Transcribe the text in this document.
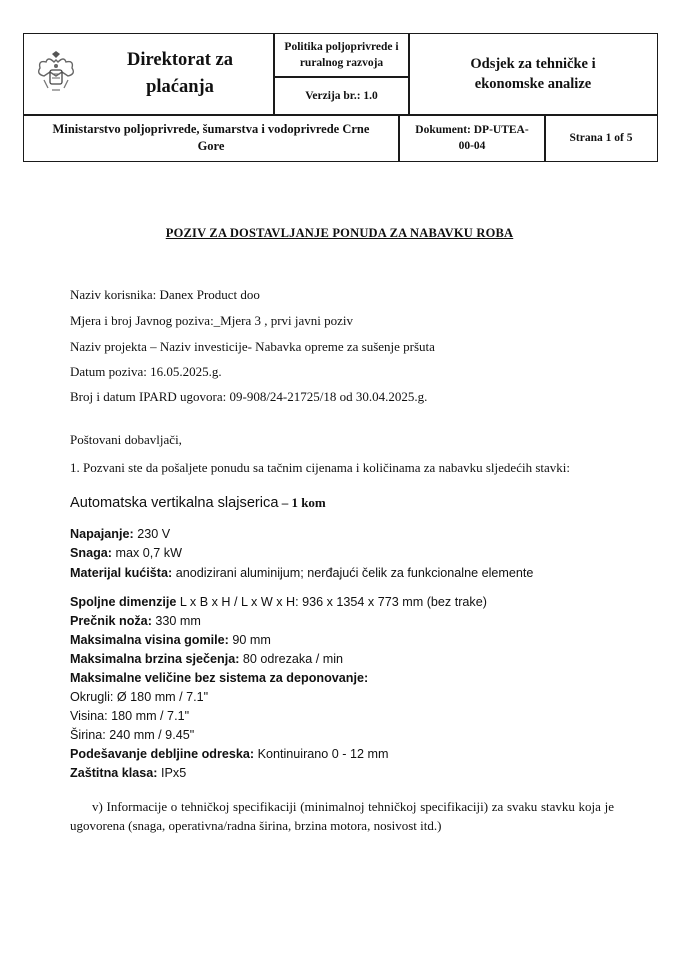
Direktorat za
plaćanja
Politika poljoprivrede i
ruralnog razvoja
Verzija br.: 1.0
Odsjek za tehničke i
ekonomske analize
Ministarstvo poljoprivrede, šumarstva i vodoprivrede Crne
Gore
Dokument: DP-UTEA-
00-04
Strana 1 of 5
POZIV ZA DOSTAVLJANJE PONUDA ZA NABAVKU ROBA
Naziv korisnika: Danex Product doo
Mjera i broj Javnog poziva:_Mjera 3 , prvi javni poziv
Naziv projekta – Naziv investicije- Nabavka opreme za sušenje pršuta
Datum poziva: 16.05.2025.g.
Broj i datum IPARD ugovora: 09-908/24-21725/18 od 30.04.2025.g.
Poštovani dobavljači,
1. Pozvani ste da pošaljete ponudu sa tačnim cijenama i količinama za nabavku sljedećih stavki:
Automatska vertikalna slajserica – 1 kom
Napajanje: 230 V
Snaga: max 0,7 kW
Materijal kućišta: anodizirani aluminijum; nerđajući čelik za funkcionalne elemente
Spoljne dimenzije L x B x H / L x W x H: 936 x 1354 x 773 mm (bez trake)
Prečnik noža: 330 mm
Maksimalna visina gomile: 90 mm
Maksimalna brzina sječenja: 80 odrezaka / min
Maksimalne veličine bez sistema za deponovanje:
Okrugli: Ø 180 mm / 7.1"
Visina: 180 mm / 7.1"
Širina: 240 mm / 9.45"
Podešavanje debljine odreska: Kontinuirano 0 - 12 mm
Zaštitna klasa: IPx5
v) Informacije o tehničkoj specifikaciji (minimalnoj tehničkoj specifikaciji) za svaku stavku koja je ugovorena (snaga, operativna/radna širina, brzina motora, nosivost itd.)
